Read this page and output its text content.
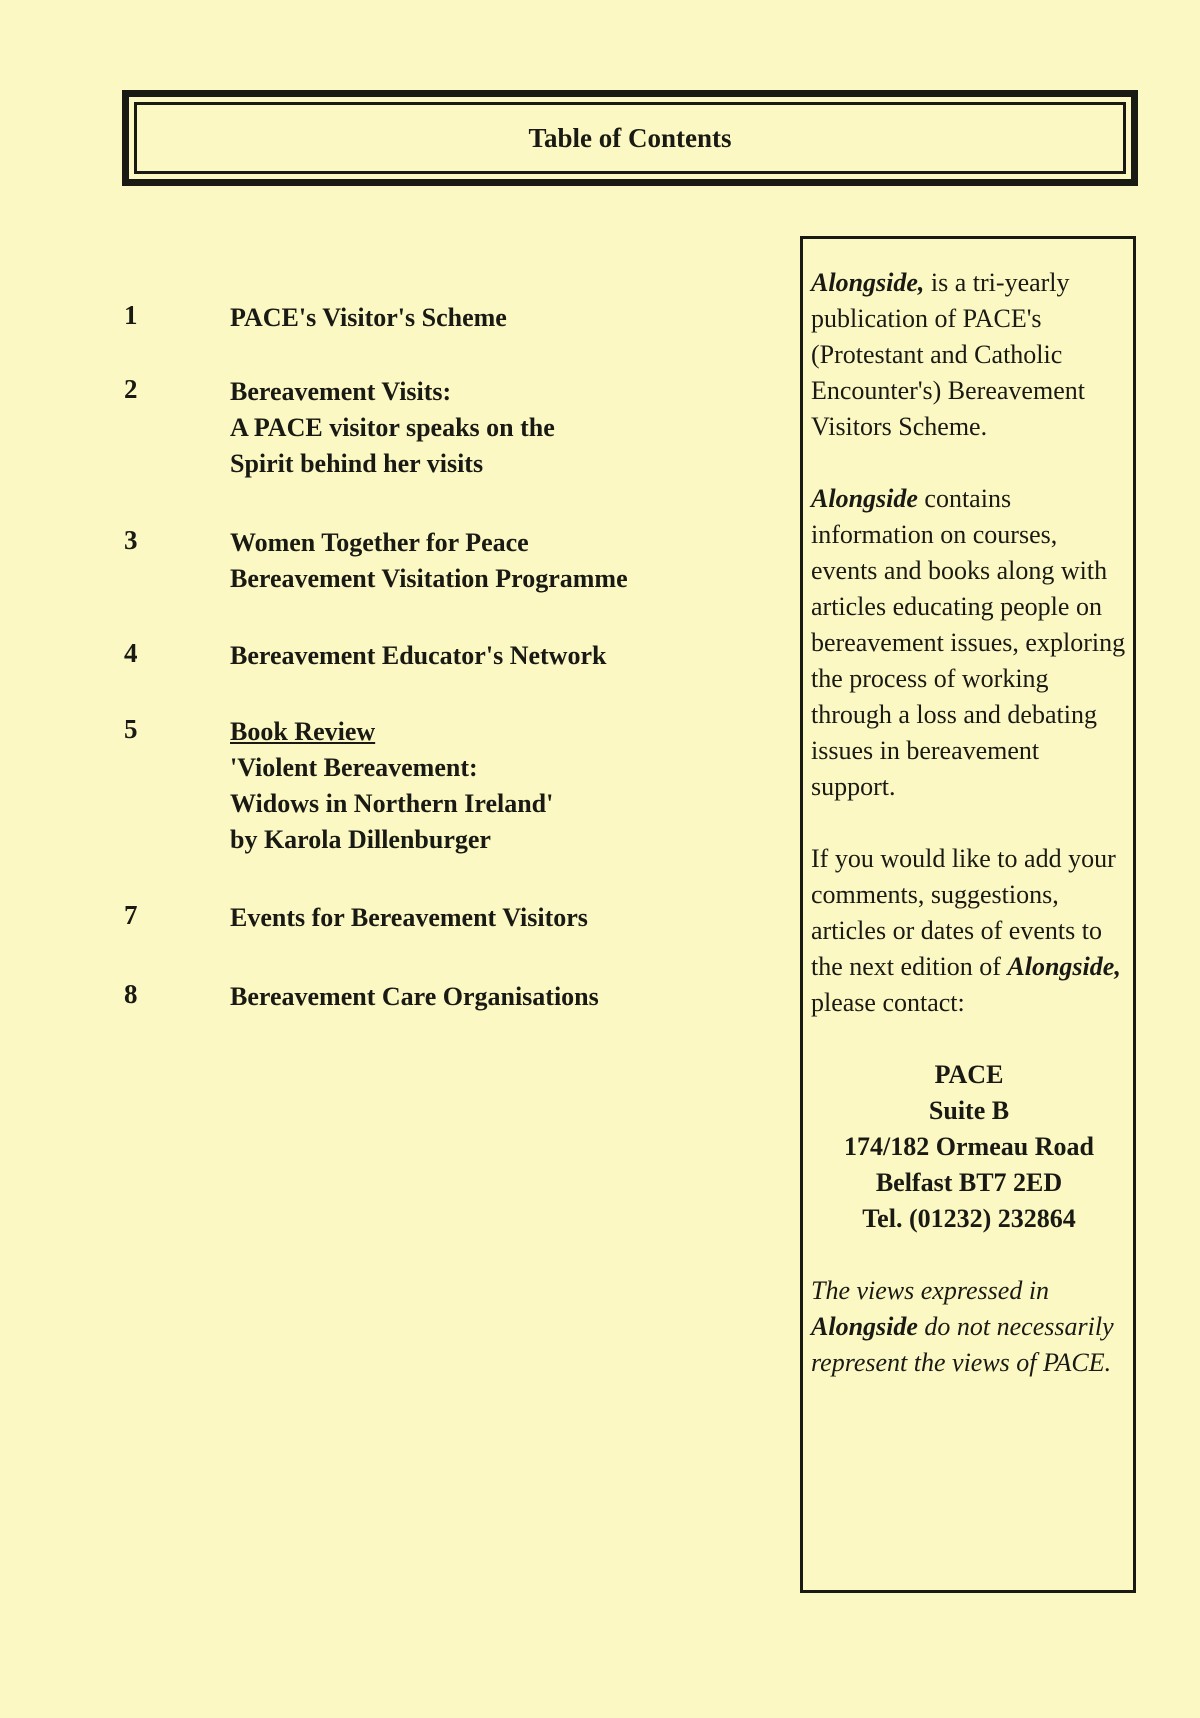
Table of Contents
1	PACE's Visitor's Scheme
2	Bereavement Visits:
A PACE visitor speaks on the
Spirit behind her visits
3	Women Together for Peace
Bereavement Visitation Programme
4	Bereavement Educator's Network
5	Book Review
'Violent Bereavement:
Widows in Northern Ireland'
by Karola Dillenburger
7	Events for Bereavement Visitors
8	Bereavement Care Organisations

Alongside, is a tri-yearly publication of PACE's (Protestant and Catholic Encounter's) Bereavement Visitors Scheme.

Alongside contains information on courses, events and books along with articles educating people on bereavement issues, exploring the process of working through a loss and debating issues in bereavement support.

If you would like to add your comments, suggestions, articles or dates of events to the next edition of Alongside, please contact:

PACE
Suite B
174/182 Ormeau Road
Belfast BT7 2ED
Tel. (01232) 232864

The views expressed in Alongside do not necessarily represent the views of PACE.
